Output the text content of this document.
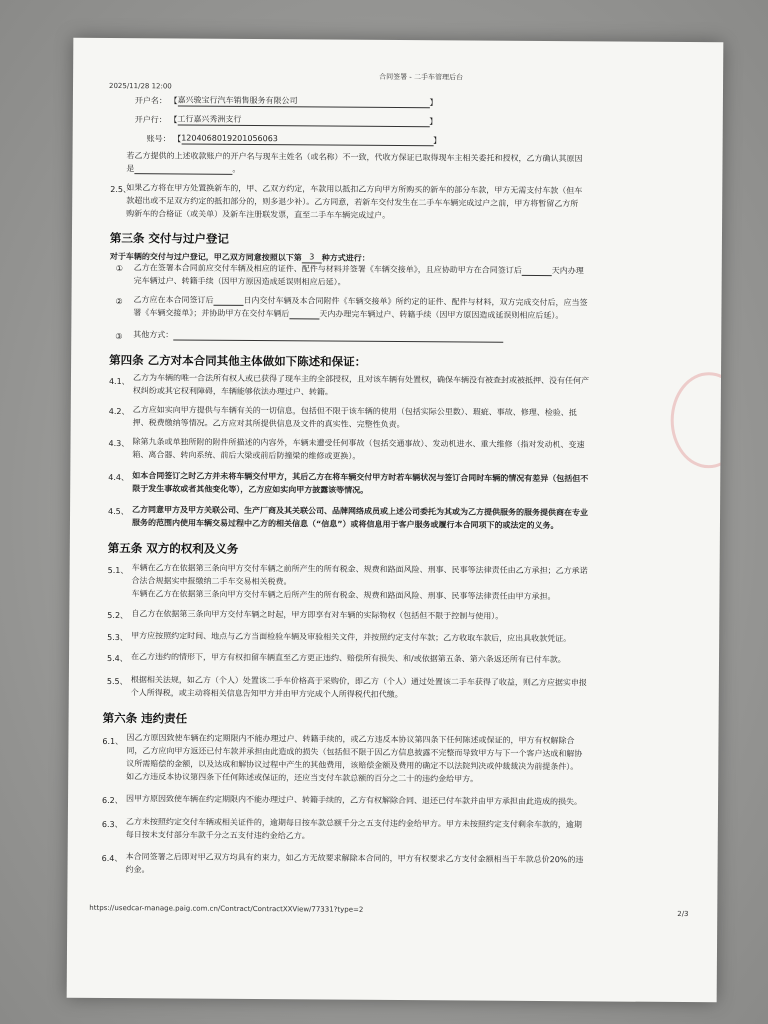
2025/11/28 12:00
合同签署 - 二手车管理后台
开户名： 【嘉兴骏宝行汽车销售服务有限公司	】
开户行： 【工行嘉兴秀洲支行	】
账号： 【1204068019201056063	】
若乙方提供的上述收款账户的开户名与现车主姓名（或名称）不一致，代收方保证已取得现车主相关委托和授权，乙方确认其原因
是	。
2.5、
如果乙方将在甲方处置换新车的，甲、乙双方约定，车款用以抵扣乙方向甲方所购买的新车的部分车款，甲方无需支付车款（但车
款超出或不足双方约定的抵扣部分的，则多退少补）。乙方同意，若新车交付发生在二手车车辆完成过户之前，甲方将暂留乙方所
购新车的合格证（或关单）及新车注册联发票，直至二手车车辆完成过户。
第三条 交付与过户登记
对于车辆的交付与过户登记，甲乙双方同意按照以下第 3 种方式进行：
① 乙方在签署本合同前应交付车辆及相应的证件、配件与材料并签署《车辆交接单》，且应协助甲方在合同签订后	天内办理
完车辆过户、转籍手续（因甲方原因造成延误则相应后延）。
② 乙方应在本合同签订后	日内交付车辆及本合同附件《车辆交接单》所约定的证件、配件与材料，双方完成交付后，应当签
署《车辆交接单》；并协助甲方在交付车辆后	天内办理完车辆过户、转籍手续（因甲方原因造成延误则相应后延）。
③ 其他方式：
第四条 乙方对本合同其他主体做如下陈述和保证：
4.1、 乙方为车辆的唯一合法所有权人或已获得了现车主的全部授权，且对该车辆有处置权，确保车辆没有被查封或被抵押、没有任何产
权纠纷或其它权利障碍，车辆能够依法办理过户、转籍。
4.2、 乙方应如实向甲方提供与车辆有关的一切信息，包括但不限于该车辆的使用（包括实际公里数）、瑕疵、事故、修理、检验、抵
押、税费缴纳等情况。乙方应对其所提供信息及文件的真实性、完整性负责。
4.3、 除第九条或单独所附的附件所描述的内容外，车辆未遭受任何事故（包括交通事故）、发动机进水、重大维修（指对发动机、变速
箱、离合器、转向系统、前后大梁或前后防撞梁的维修或更换）。
4.4、 如本合同签订之时乙方并未将车辆交付甲方，其后乙方在将车辆交付甲方时若车辆状况与签订合同时车辆的情况有差异（包括但不
限于发生事故或者其他变化等），乙方应如实向甲方披露该等情况。
4.5、 乙方同意甲方及甲方关联公司、生产厂商及其关联公司、品牌网络成员或上述公司委托为其或为乙方提供服务的服务提供商在专业
服务的范围内使用车辆交易过程中乙方的相关信息（“信息”）或将信息用于客户服务或履行本合同项下的或法定的义务。
第五条 双方的权利及义务
5.1、 车辆在乙方在依据第三条向甲方交付车辆之前所产生的所有税金、规费和路面风险、刑事、民事等法律责任由乙方承担；乙方承诺
合法合规据实申报缴纳二手车交易相关税费。
车辆在乙方在依据第三条向甲方交付车辆之后所产生的所有税金、规费和路面风险、刑事、民事等法律责任由甲方承担。
5.2、 自乙方在依据第三条向甲方交付车辆之时起，甲方即享有对车辆的实际物权（包括但不限于控制与使用）。
5.3、 甲方应按照约定时间、地点与乙方当面检验车辆及审验相关文件，并按照约定支付车款；乙方收取车款后，应出具收款凭证。
5.4、 在乙方违约的情形下，甲方有权扣留车辆直至乙方更正违约、赔偿所有损失、和/或依据第五条、第六条返还所有已付车款。
5.5、 根据相关法规，如乙方（个人）处置该二手车价格高于采购价，即乙方（个人）通过处置该二手车获得了收益，则乙方应据实申报
个人所得税，或主动将相关信息告知甲方并由甲方完成个人所得税代扣代缴。
第六条 违约责任
6.1、 因乙方原因致使车辆在约定期限内不能办理过户、转籍手续的，或乙方违反本协议第四条下任何陈述或保证的，甲方有权解除合
同，乙方应向甲方返还已付车款并承担由此造成的损失（包括但不限于因乙方信息披露不完整而导致甲方与下一个客户达成和解协
议所需赔偿的金额，以及达成和解协议过程中产生的其他费用，该赔偿金额及费用的确定不以法院判决或仲裁裁决为前提条件）。
如乙方违反本协议第四条下任何陈述或保证的，还应当支付车款总额的百分之二十的违约金给甲方。
6.2、 因甲方原因致使车辆在约定期限内不能办理过户、转籍手续的，乙方有权解除合同、退还已付车款并由甲方承担由此造成的损失。
6.3、 乙方未按照约定交付车辆或相关证件的，逾期每日按车款总额千分之五支付违约金给甲方。甲方未按照约定支付剩余车款的，逾期
每日按未支付部分车款千分之五支付违约金给乙方。
6.4、 本合同签署之后即对甲乙双方均具有约束力，如乙方无故要求解除本合同的，甲方有权要求乙方支付金额相当于车款总价20%的违
约金。
https://usedcar-manage.paig.com.cn/Contract/ContractXXView/77331?type=2
2/3
